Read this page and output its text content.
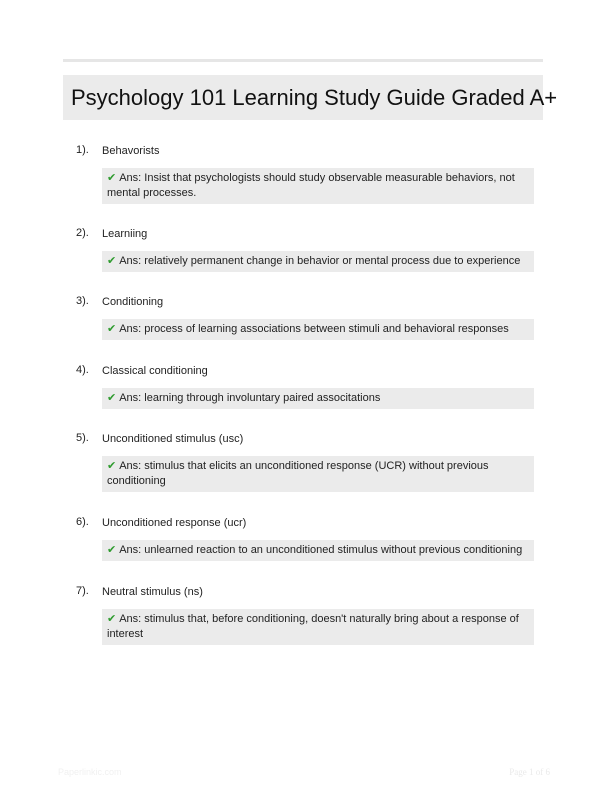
Psychology 101 Learning Study Guide Graded A+
1). Behavorists
✔ Ans: Insist that psychologists should study observable measurable behaviors, not mental processes.
2). Learniing
✔ Ans: relatively permanent change in behavior or mental process due to experience
3). Conditioning
✔ Ans: process of learning associations between stimuli and behavioral responses
4). Classical conditioning
✔ Ans: learning through involuntary paired associtations
5). Unconditioned stimulus (usc)
✔ Ans: stimulus that elicits an unconditioned response (UCR) without previous conditioning
6). Unconditioned response (ucr)
✔ Ans: unlearned reaction to an unconditioned stimulus without previous conditioning
7). Neutral stimulus (ns)
✔ Ans: stimulus that, before conditioning, doesn't naturally bring about a response of interest
Paperlinkic.com	Page 1 of 6
